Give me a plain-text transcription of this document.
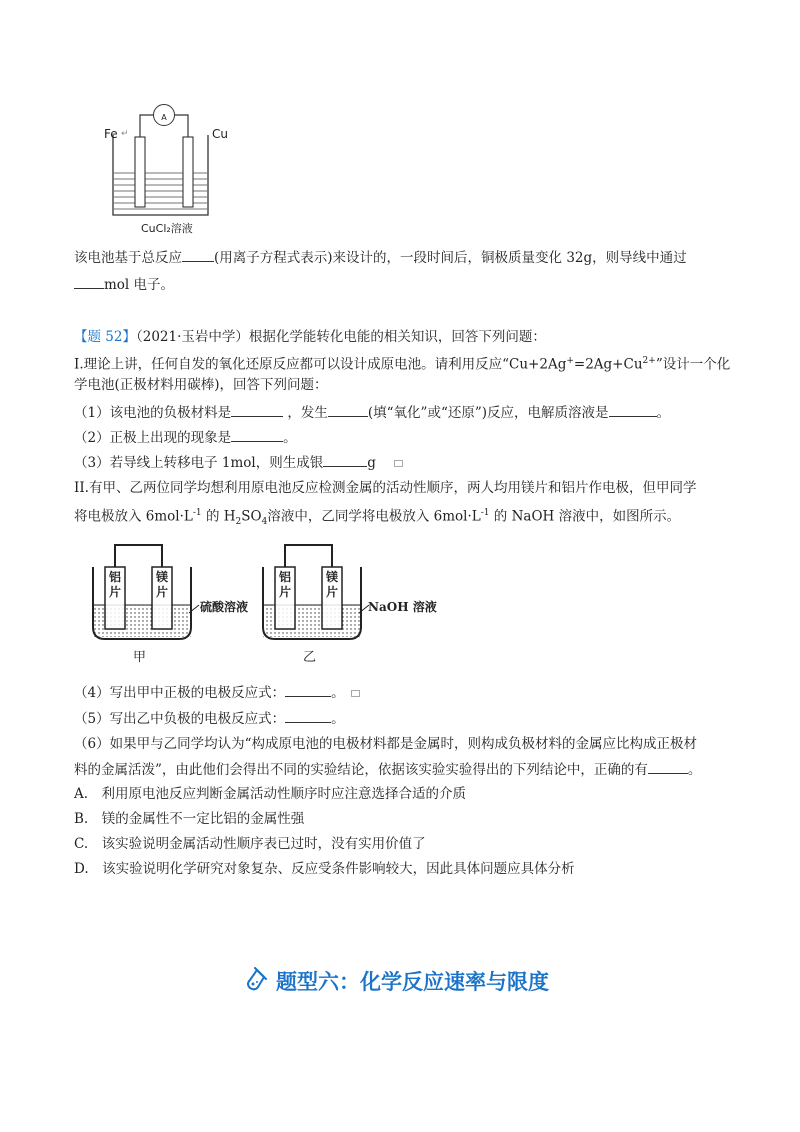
A
Fe ↵	Cu
CuCl₂溶液
该电池基于总反应 (用离子方程式表示)来设计的，一段时间后，铜极质量变化 32g，则导线中通过
mol 电子。
【题 52】（2021·玉岩中学）根据化学能转化电能的相关知识，回答下列问题：
I.理论上讲，任何自发的氧化还原反应都可以设计成原电池。请利用反应“$Cu+2Ag^+=2Ag+Cu^{2+}$”设计一个化
学电池(正极材料用碳棒)，回答下列问题：
（1）该电池的负极材料是	，发生	(填“氧化”或“还原”)反应，电解质溶液是	。
（2）正极上出现的现象是	。
（3）若导线上转移电子 1mol，则生成银	g
II.有甲、乙两位同学均想利用原电池反应检测金属的活动性顺序，两人均用镁片和铝片作电极，但甲同学
将电极放入 $6mol\cdot L^{-1}$ 的 $H_2SO_4$溶液中，乙同学将电极放入 $6mol\cdot L^{-1}$ 的 NaOH 溶液中，如图所示。
铝
片
镁
片
硫酸溶液
甲
铝
片
镁
片
NaOH 溶液
乙
（4）写出甲中正极的电极反应式：	。
（5）写出乙中负极的电极反应式：	。
（6）如果甲与乙同学均认为“构成原电池的电极材料都是金属时，则构成负极材料的金属应比构成正极材
料的金属活泼”，由此他们会得出不同的实验结论，依据该实验实验得出的下列结论中，正确的有	。
A.　利用原电池反应判断金属活动性顺序时应注意选择合适的介质
B.　镁的金属性不一定比铝的金属性强
C.　该实验说明金属活动性顺序表已过时，没有实用价值了
D.　该实验说明化学研究对象复杂、反应受条件影响较大，因此具体问题应具体分析
题型六：化学反应速率与限度
